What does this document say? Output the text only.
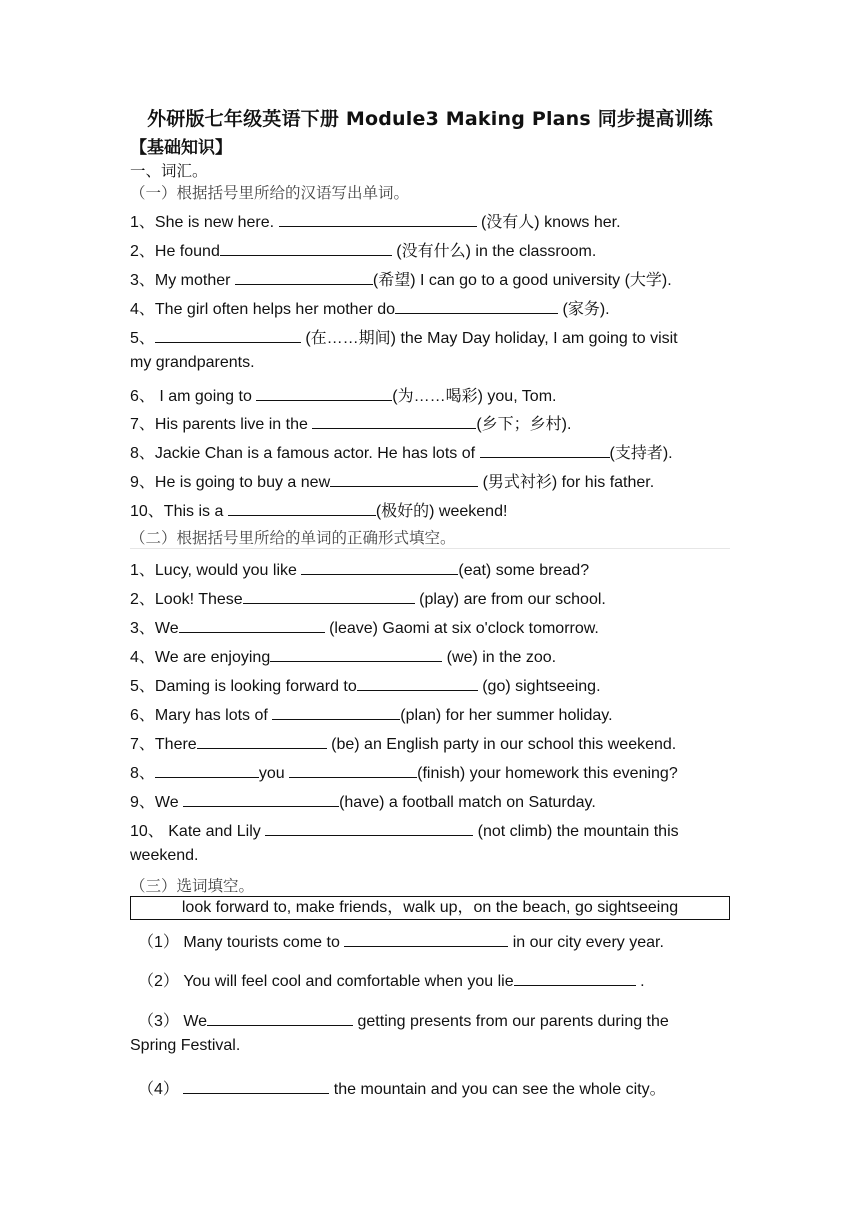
外研版七年级英语下册 Module3 Making Plans 同步提高训练
【基础知识】
一、词汇。
（一）根据括号里所给的汉语写出单词。
1、She is new here.	(没有人) knows her.
2、He found	(没有什么) in the classroom.
3、My mother	(希望) I can go to a good university (大学).
4、The girl often helps her mother do	(家务).
5、	(在……期间) the May Day holiday, I am going to visit
my grandparents.
6、 I am going to	(为……喝彩) you, Tom.
7、His parents live in the	(乡下；乡村).
8、Jackie Chan is a famous actor. He has lots of	(支持者).
9、He is going to buy a new	(男式衬衫) for his father.
10、This is a	(极好的) weekend!
（二）根据括号里所给的单词的正确形式填空。
1、Lucy, would you like	(eat) some bread?
2、Look! These	(play) are from our school.
3、We	(leave) Gaomi at six o'clock tomorrow.
4、We are enjoying	(we) in the zoo.
5、Daming is looking forward to	(go) sightseeing.
6、Mary has lots of	(plan) for her summer holiday.
7、There	(be) an English party in our school this weekend.
8、	you	(finish) your homework this evening?
9、We	(have) a football match on Saturday.
10、 Kate and Lily	(not climb) the mountain this
weekend.
（三）选词填空。
look forward to, make friends，walk up，on the beach, go sightseeing
（1） Many tourists come to	in our city every year.
（2） You will feel cool and comfortable when you lie	.
（3） We	getting presents from our parents during the
Spring Festival.
（4）	the mountain and you can see the whole city。
